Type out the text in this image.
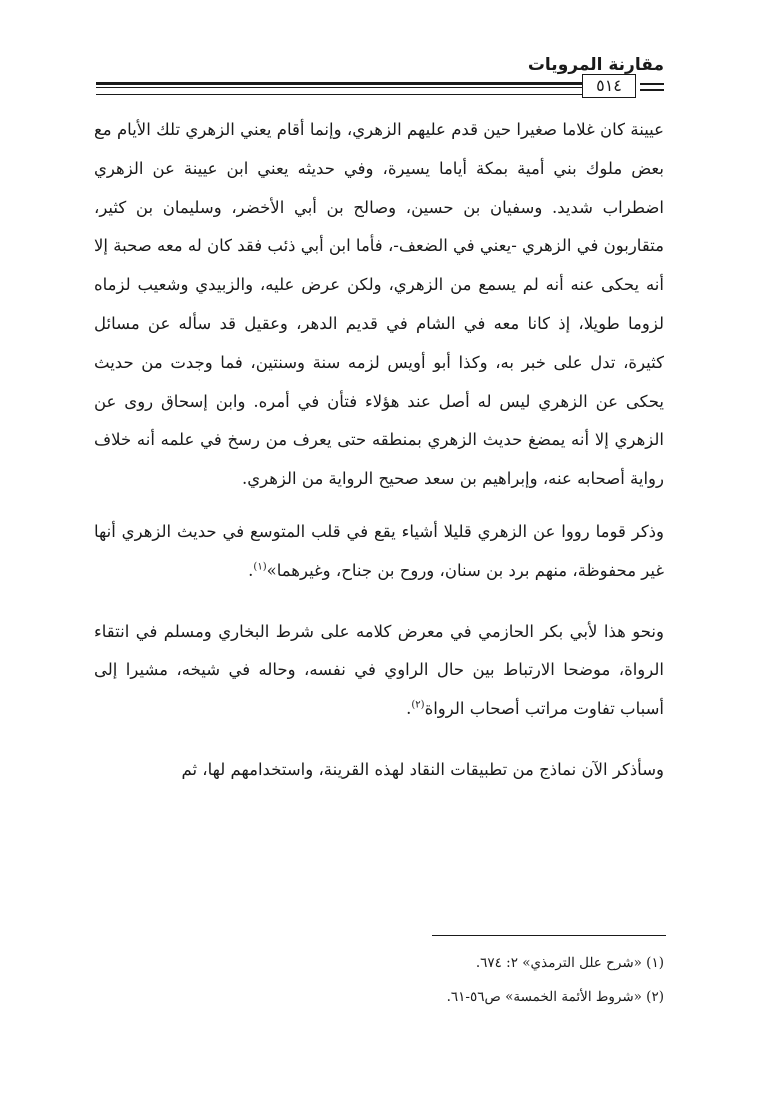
مقارنة المرويات
٥١٤

عيينة كان غلاما صغيرا حين قدم عليهم الزهري، وإنما أقام يعني الزهري تلك الأيام مع بعض ملوك بني أمية بمكة أياما يسيرة، وفي حديثه يعني ابن عيينة عن الزهري اضطراب شديد. وسفيان بن حسين، وصالح بن أبي الأخضر، وسليمان بن كثير، متقاربون في الزهري -يعني في الضعف-، فأما ابن أبي ذئب فقد كان له معه صحبة إلا أنه يحكى عنه أنه لم يسمع من الزهري، ولكن عرض عليه، والزبيدي وشعيب لزماه لزوما طويلا، إذ كانا معه في الشام في قديم الدهر، وعقيل قد سأله عن مسائل كثيرة، تدل على خبر به، وكذا أبو أويس لزمه سنة وسنتين، فما وجدت من حديث يحكى عن الزهري ليس له أصل عند هؤلاء فتأن في أمره. وابن إسحاق روى عن الزهري إلا أنه يمضغ حديث الزهري بمنطقه حتى يعرف من رسخ في علمه أنه خلاف رواية أصحابه عنه، وإبراهيم بن سعد صحيح الرواية من الزهري.

وذكر قوما رووا عن الزهري قليلا أشياء يقع في قلب المتوسع في حديث الزهري أنها غير محفوظة، منهم برد بن سنان، وروح بن جناح، وغيرهما»$^{(١)}$.

ونحو هذا لأبي بكر الحازمي في معرض كلامه على شرط البخاري ومسلم في انتقاء الرواة، موضحا الارتباط بين حال الراوي في نفسه، وحاله في شيخه، مشيرا إلى أسباب تفاوت مراتب أصحاب الرواة$^{(٢)}$.

وسأذكر الآن نماذج من تطبيقات النقاد لهذه القرينة، واستخدامهم لها، ثم

(١) «شرح علل الترمذي» ٢: ٦٧٤.

(٢) «شروط الأئمة الخمسة» ص٥٦-٦١.
